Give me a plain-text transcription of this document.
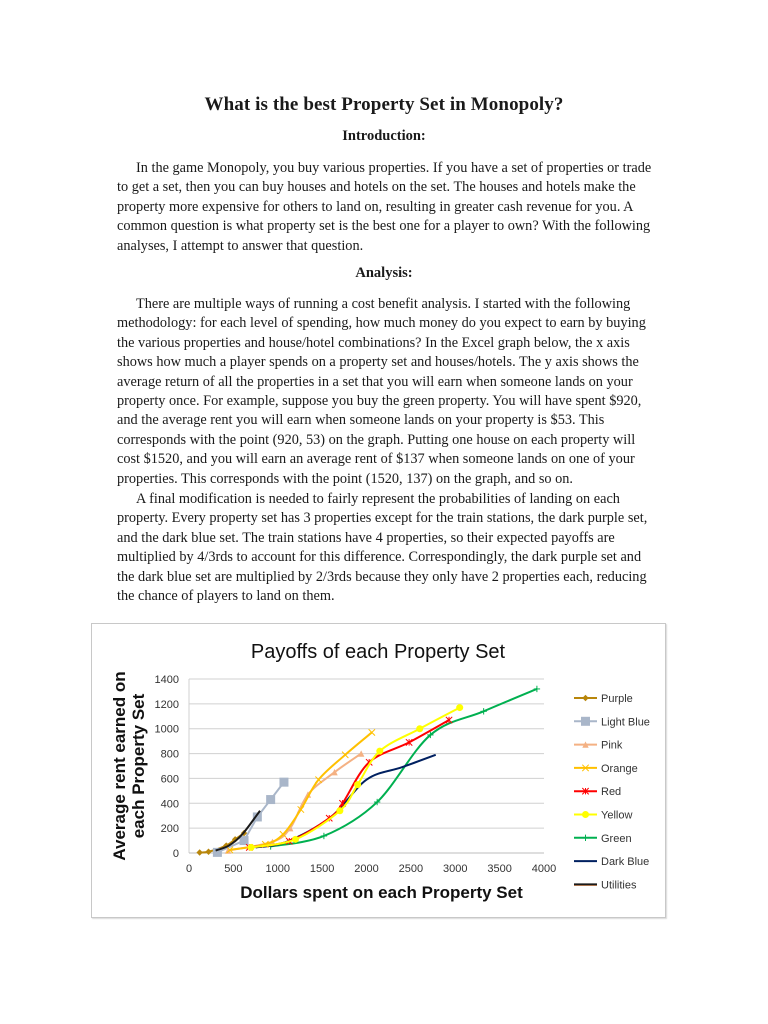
What is the best Property Set in Monopoly?
Introduction:
In the game Monopoly, you buy various properties. If you have a set of properties or trade to get a set, then you can buy houses and hotels on the set. The houses and hotels make the property more expensive for others to land on, resulting in greater cash revenue for you. A common question is what property set is the best one for a player to own? With the following analyses, I attempt to answer that question.
Analysis:
There are multiple ways of running a cost benefit analysis. I started with the following methodology: for each level of spending, how much money do you expect to earn by buying the various properties and house/hotel combinations? In the Excel graph below, the x axis shows how much a player spends on a property set and houses/hotels. The y axis shows the average return of all the properties in a set that you will earn when someone lands on your property once. For example, suppose you buy the green property. You will have spent $920, and the average rent you will earn when someone lands on your property is $53. This corresponds with the point (920, 53) on the graph. Putting one house on each property will cost $1520, and you will earn an average rent of $137 when someone lands on one of your properties. This corresponds with the point (1520, 137) on the graph, and so on.
A final modification is needed to fairly represent the probabilities of landing on each property. Every property set has 3 properties except for the train stations, the dark purple set, and the dark blue set. The train stations have 4 properties, so their expected payoffs are multiplied by 4/3rds to account for this difference. Correspondingly, the dark purple set and the dark blue set are multiplied by 2/3rds because they only have 2 properties each, reducing the chance of players to land on them.
Payoffs of each Property Set
0
200
400
600
800
1000
1200
1400
0	500 1000 1500 2000 2500 3000 3500 4000
Dollars spent on each Property Set
Average rent earned on each Property Set	Purple
Light Blue
Pink
Orange
Red
Yellow
Green
Dark Blue
Utilities
